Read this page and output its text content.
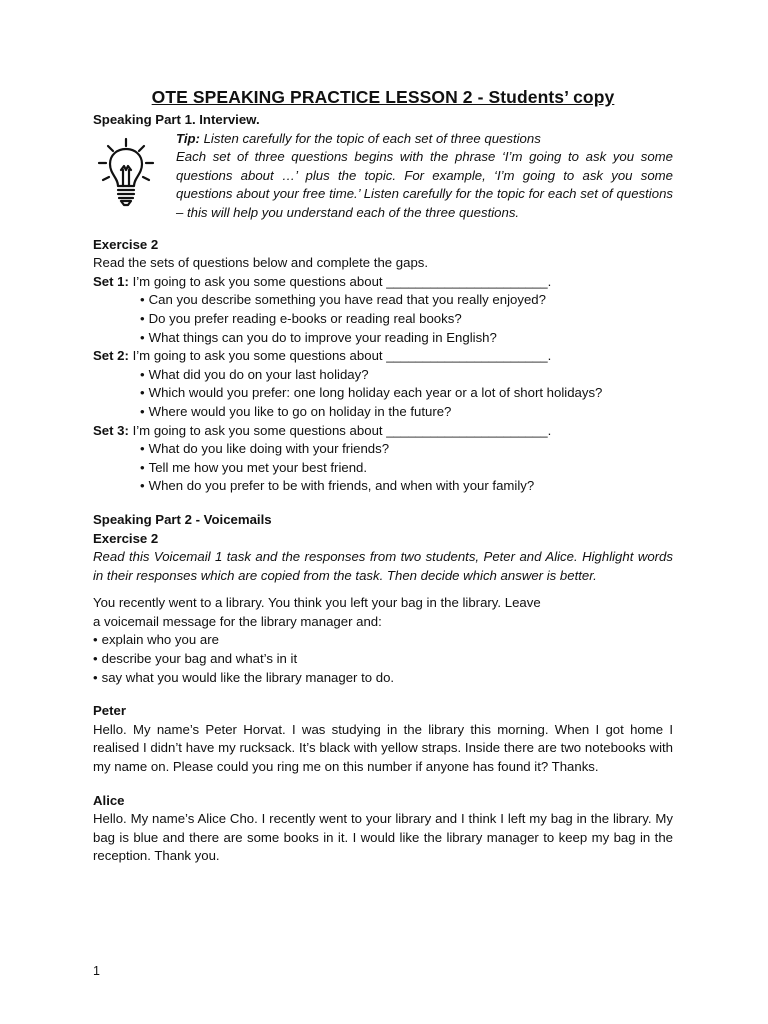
OTE SPEAKING PRACTICE LESSON 2 - Students’ copy

Speaking Part 1. Interview.

Tip: Listen carefully for the topic of each set of three questions

Each set of three questions begins with the phrase ‘I’m going to ask you some questions about …’ plus the topic. For example, ‘I’m going to ask you some questions about your free time.’ Listen carefully for the topic for each set of questions – this will help you understand each of the three questions.

Exercise 2

Read the sets of questions below and complete the gaps.

Set 1: I’m going to ask you some questions about ______________________.

• Can you describe something you have read that you really enjoyed?
• Do you prefer reading e-books or reading real books?
• What things can you do to improve your reading in English?

Set 2: I’m going to ask you some questions about ______________________.

• What did you do on your last holiday?
• Which would you prefer: one long holiday each year or a lot of short holidays?
• Where would you like to go on holiday in the future?

Set 3: I’m going to ask you some questions about ______________________.

• What do you like doing with your friends?
• Tell me how you met your best friend.
• When do you prefer to be with friends, and when with your family?

Speaking Part 2 - Voicemails

Exercise 2

Read this Voicemail 1 task and the responses from two students, Peter and Alice. Highlight words in their responses which are copied from the task. Then decide which answer is better.

You recently went to a library. You think you left your bag in the library. Leave

a voicemail message for the library manager and:

• explain who you are
• describe your bag and what’s in it
• say what you would like the library manager to do.

Peter

Hello. My name’s Peter Horvat. I was studying in the library this morning. When I got home I realised I didn’t have my rucksack. It’s black with yellow straps. Inside there are two notebooks with my name on. Please could you ring me on this number if anyone has found it? Thanks.

Alice

Hello. My name’s Alice Cho. I recently went to your library and I think I left my bag in the library. My bag is blue and there are some books in it. I would like the library manager to keep my bag in the reception. Thank you.

1
